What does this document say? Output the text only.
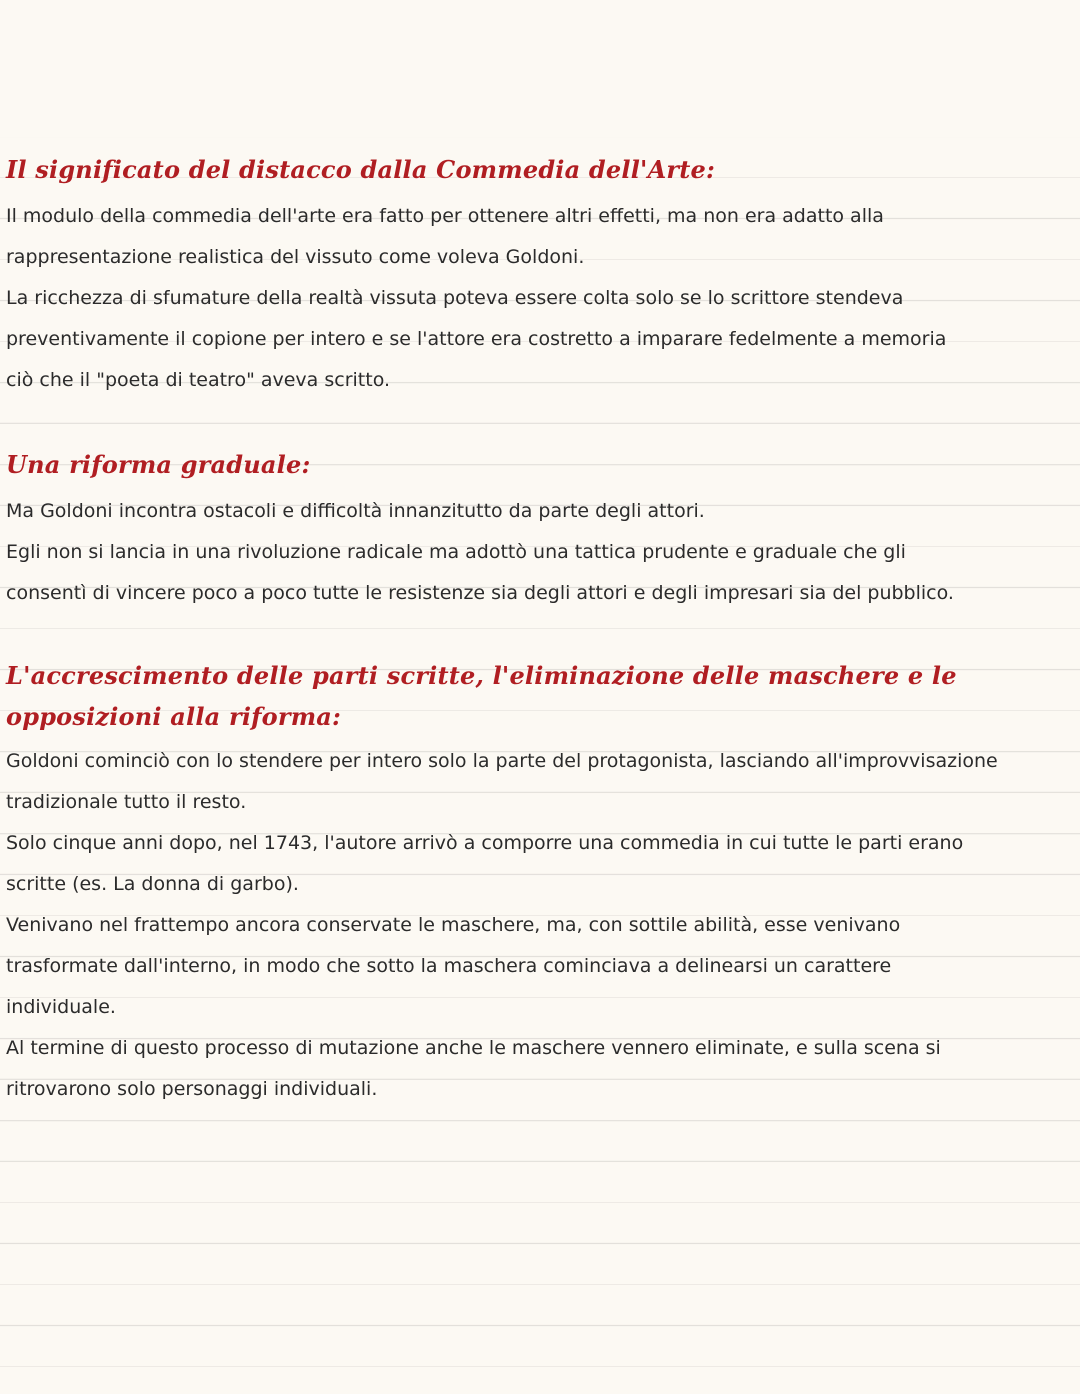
Il significato del distacco dalla Commedia dell'Arte:

Il modulo della commedia dell'arte era fatto per ottenere altri effetti, ma non era adatto alla

rappresentazione realistica del vissuto come voleva Goldoni.

La ricchezza di sfumature della realtà vissuta poteva essere colta solo se lo scrittore stendeva

preventivamente il copione per intero e se l'attore era costretto a imparare fedelmente a memoria

ciò che il "poeta di teatro" aveva scritto.

Una riforma graduale:

Ma Goldoni incontra ostacoli e difficoltà innanzitutto da parte degli attori.

Egli non si lancia in una rivoluzione radicale ma adottò una tattica prudente e graduale che gli

consentì di vincere poco a poco tutte le resistenze sia degli attori e degli impresari sia del pubblico.

L'accrescimento delle parti scritte, l'eliminazione delle maschere e le opposizioni alla riforma:

Goldoni cominciò con lo stendere per intero solo la parte del protagonista, lasciando all'improvvisazione

tradizionale tutto il resto.

Solo cinque anni dopo, nel 1743, l'autore arrivò a comporre una commedia in cui tutte le parti erano

scritte (es. La donna di garbo).

Venivano nel frattempo ancora conservate le maschere, ma, con sottile abilità, esse venivano

trasformate dall'interno, in modo che sotto la maschera cominciava a delinearsi un carattere

individuale.

Al termine di questo processo di mutazione anche le maschere vennero eliminate, e sulla scena si

ritrovarono solo personaggi individuali.
